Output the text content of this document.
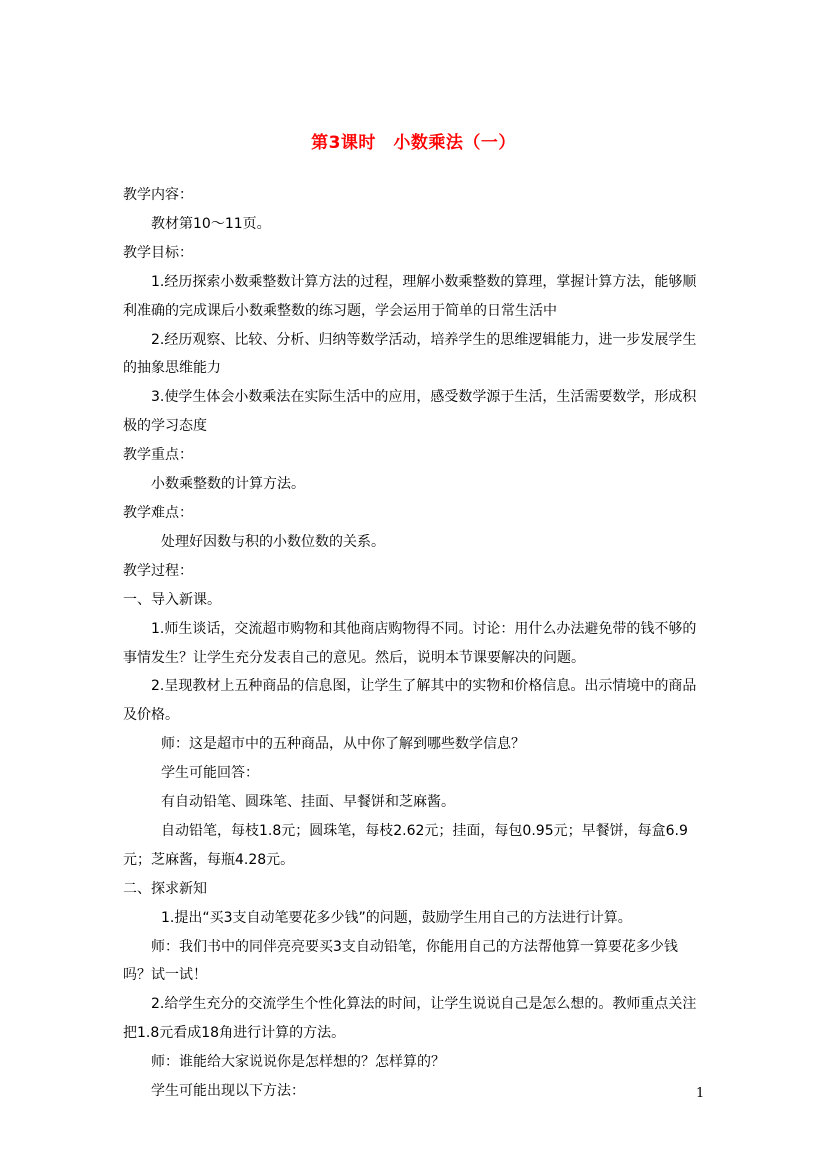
第3课时　小数乘法（一）

教学内容：

教材第10～11页。

教学目标：

1.经历探索小数乘整数计算方法的过程，理解小数乘整数的算理，掌握计算方法，能够顺利准确的完成课后小数乘整数的练习题，学会运用于简单的日常生活中

2.经历观察、比较、分析、归纳等数学活动，培养学生的思维逻辑能力，进一步发展学生的抽象思维能力

3.使学生体会小数乘法在实际生活中的应用，感受数学源于生活，生活需要数学，形成积极的学习态度

教学重点：

小数乘整数的计算方法。

教学难点：

处理好因数与积的小数位数的关系。

教学过程：

一、导入新课。

1.师生谈话，交流超市购物和其他商店购物得不同。讨论：用什么办法避免带的钱不够的事情发生？让学生充分发表自己的意见。然后，说明本节课要解决的问题。

2.呈现教材上五种商品的信息图，让学生了解其中的实物和价格信息。出示情境中的商品及价格。

师：这是超市中的五种商品，从中你了解到哪些数学信息？

学生可能回答：

有自动铅笔、圆珠笔、挂面、早餐饼和芝麻酱。

自动铅笔，每枝1.8元；圆珠笔，每枝2.62元；挂面，每包0.95元；早餐饼，每盒6.9元；芝麻酱，每瓶4.28元。

二、探求新知

1.提出“买3支自动笔要花多少钱”的问题，鼓励学生用自己的方法进行计算。

师：我们书中的同伴亮亮要买3支自动铅笔，你能用自己的方法帮他算一算要花多少钱吗？试一试！

2.给学生充分的交流学生个性化算法的时间，让学生说说自己是怎么想的。教师重点关注把1.8元看成18角进行计算的方法。

师：谁能给大家说说你是怎样想的？怎样算的？

学生可能出现以下方法：	1
